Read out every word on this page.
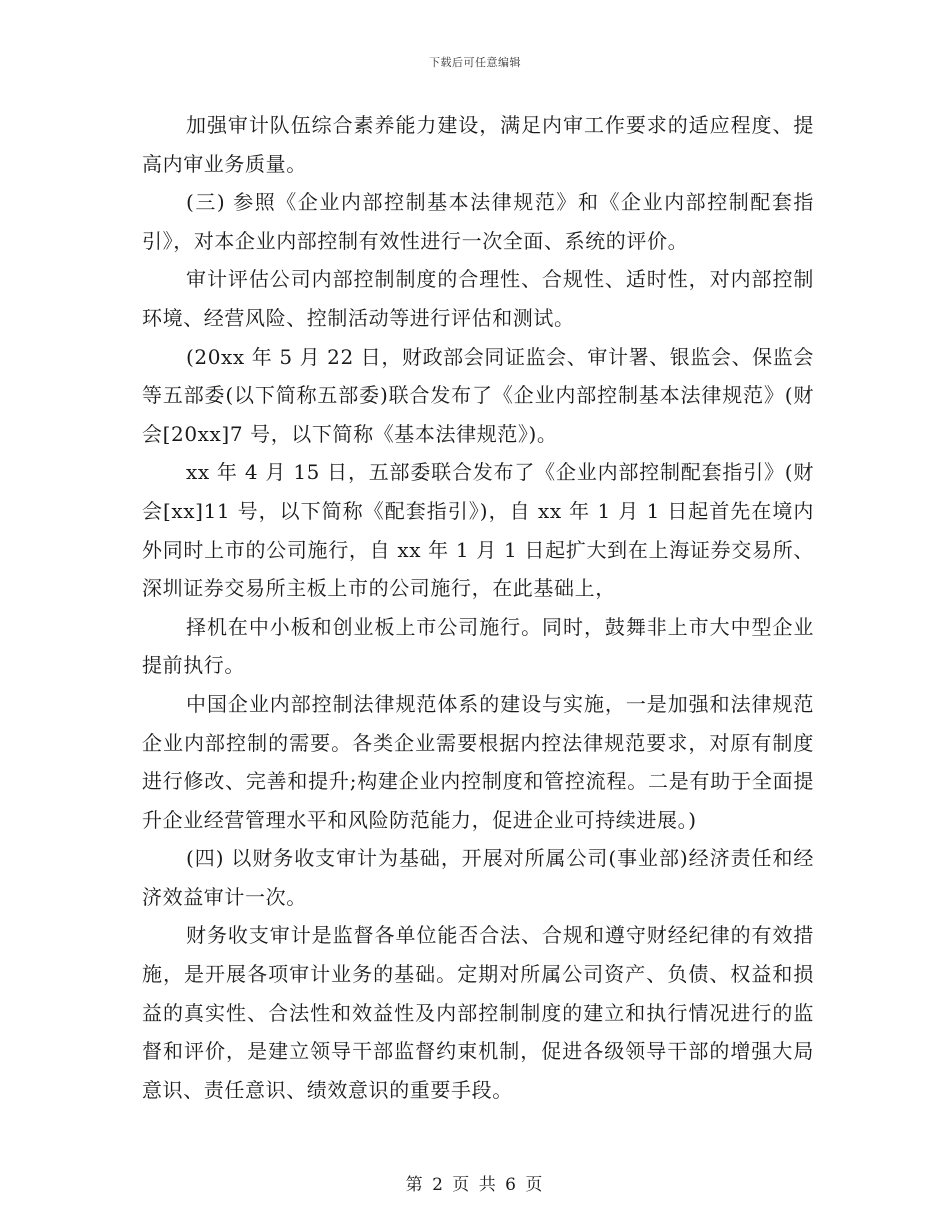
下载后可任意编辑

加强审计队伍综合素养能力建设，满足内审工作要求的适应程度、提高内审业务质量。

(三) 参照《企业内部控制基本法律规范》和《企业内部控制配套指引》，对本企业内部控制有效性进行一次全面、系统的评价。

审计评估公司内部控制制度的合理性、合规性、适时性，对内部控制环境、经营风险、控制活动等进行评估和测试。

(20xx 年 5 月 22 日，财政部会同证监会、审计署、银监会、保监会等五部委(以下简称五部委)联合发布了《企业内部控制基本法律规范》(财会[20xx]7 号，以下简称《基本法律规范》)。

xx 年 4 月 15 日，五部委联合发布了《企业内部控制配套指引》(财会[xx]11 号，以下简称《配套指引》)，自 xx 年 1 月 1 日起首先在境内外同时上市的公司施行，自 xx 年 1 月 1 日起扩大到在上海证券交易所、深圳证券交易所主板上市的公司施行，在此基础上，

择机在中小板和创业板上市公司施行。同时，鼓舞非上市大中型企业提前执行。

中国企业内部控制法律规范体系的建设与实施，一是加强和法律规范企业内部控制的需要。各类企业需要根据内控法律规范要求，对原有制度进行修改、完善和提升;构建企业内控制度和管控流程。二是有助于全面提升企业经营管理水平和风险防范能力，促进企业可持续进展。)

(四) 以财务收支审计为基础，开展对所属公司(事业部)经济责任和经济效益审计一次。

财务收支审计是监督各单位能否合法、合规和遵守财经纪律的有效措施，是开展各项审计业务的基础。定期对所属公司资产、负债、权益和损益的真实性、合法性和效益性及内部控制制度的建立和执行情况进行的监督和评价，是建立领导干部监督约束机制，促进各级领导干部的增强大局意识、责任意识、绩效意识的重要手段。

第 2 页 共 6 页
